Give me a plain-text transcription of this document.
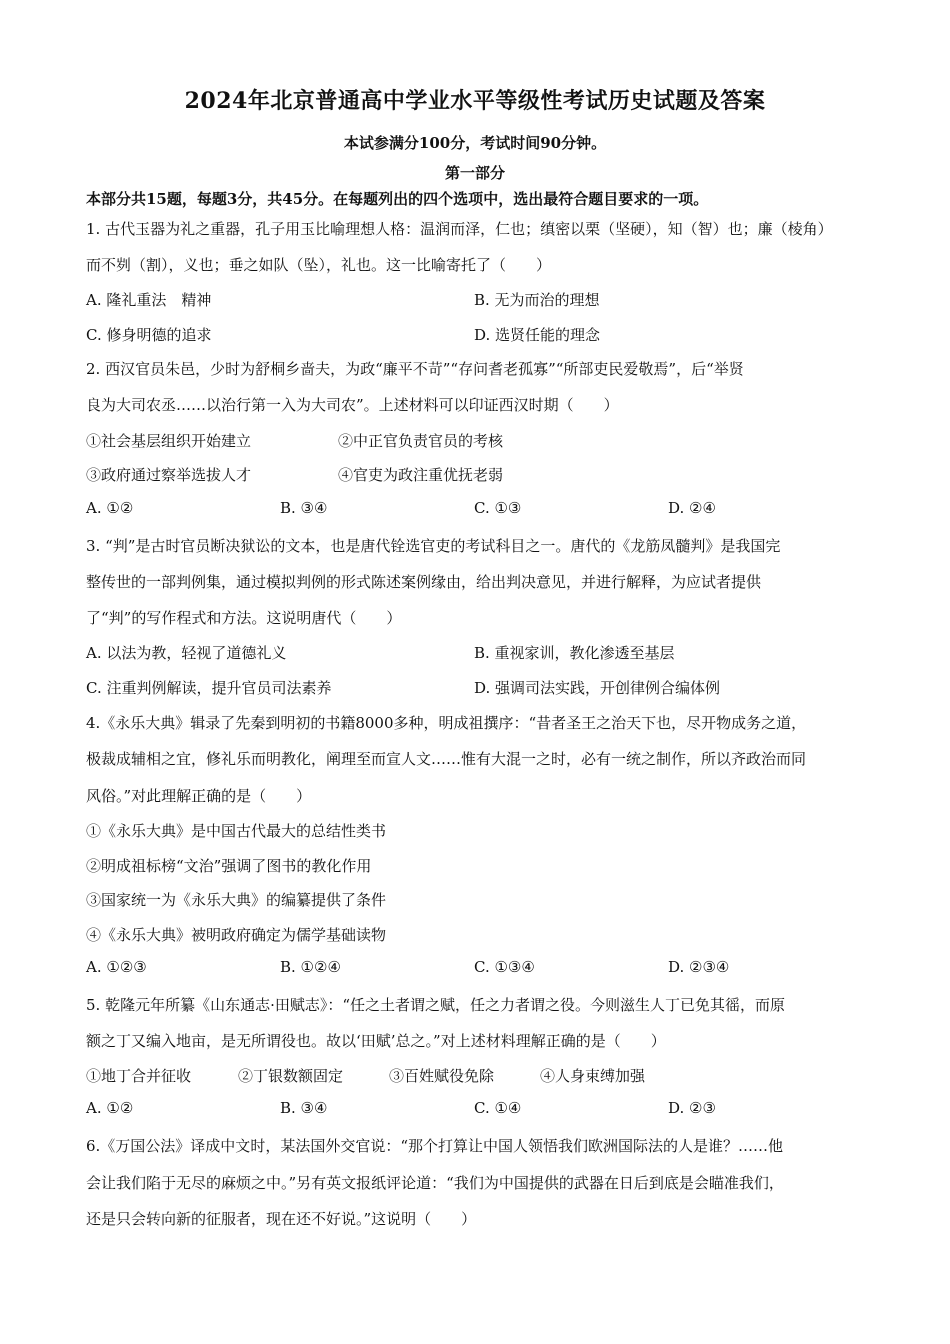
2024年北京普通高中学业水平等级性考试历史试题及答案
本试参满分100分，考试时间90分钟。
第一部分
本部分共15题，每题3分，共45分。在每题列出的四个选项中，选出最符合题目要求的一项。
1. 古代玉器为礼之重器，孔子用玉比喻理想人格：温润而泽，仁也；缜密以栗（坚硬），知（智）也；廉（棱角）
而不刿（割），义也；垂之如队（坠），礼也。这一比喻寄托了（　　）
A. 隆礼重法　精神	B. 无为而治的理想
C. 修身明德的追求	D. 选贤任能的理念
2. 西汉官员朱邑，少时为舒桐乡啬夫，为政“廉平不苛”“存问耆老孤寡”“所部吏民爱敬焉”，后“举贤
良为大司农丞……以治行第一入为大司农”。上述材料可以印证西汉时期（　　）
①社会基层组织开始建立	②中正官负责官员的考核
③政府通过察举选拔人才	④官吏为政注重优抚老弱
A. ①②	B. ③④	C. ①③	D. ②④
3. “判”是古时官员断决狱讼的文本，也是唐代铨选官吏的考试科目之一。唐代的《龙筋凤髓判》是我国完
整传世的一部判例集，通过模拟判例的形式陈述案例缘由，给出判决意见，并进行解释，为应试者提供
了“判”的写作程式和方法。这说明唐代（　　）
A. 以法为教，轻视了道德礼义	B. 重视家训，教化渗透至基层
C. 注重判例解读，提升官员司法素养	D. 强调司法实践，开创律例合编体例
4.《永乐大典》辑录了先秦到明初的书籍8000多种，明成祖撰序：“昔者圣王之治天下也，尽开物成务之道，
极裁成辅相之宜，修礼乐而明教化，阐理至而宣人文……惟有大混一之时，必有一统之制作，所以齐政治而同
风俗。”对此理解正确的是（　　）
①《永乐大典》是中国古代最大的总结性类书
②明成祖标榜“文治”强调了图书的教化作用
③国家统一为《永乐大典》的编纂提供了条件
④《永乐大典》被明政府确定为儒学基础读物
A. ①②③	B. ①②④	C. ①③④	D. ②③④
5. 乾隆元年所纂《山东通志·田赋志》：“任之土者谓之赋，任之力者谓之役。今则滋生人丁已免其徭，而原
额之丁又编入地亩，是无所谓役也。故以‘田赋’总之。”对上述材料理解正确的是（　　）
①地丁合并征收	②丁银数额固定	③百姓赋役免除	④人身束缚加强
A. ①②	B. ③④	C. ①④	D. ②③
6.《万国公法》译成中文时，某法国外交官说：“那个打算让中国人领悟我们欧洲国际法的人是谁？……他
会让我们陷于无尽的麻烦之中。”另有英文报纸评论道：“我们为中国提供的武器在日后到底是会瞄准我们，
还是只会转向新的征服者，现在还不好说。”这说明（　　）
